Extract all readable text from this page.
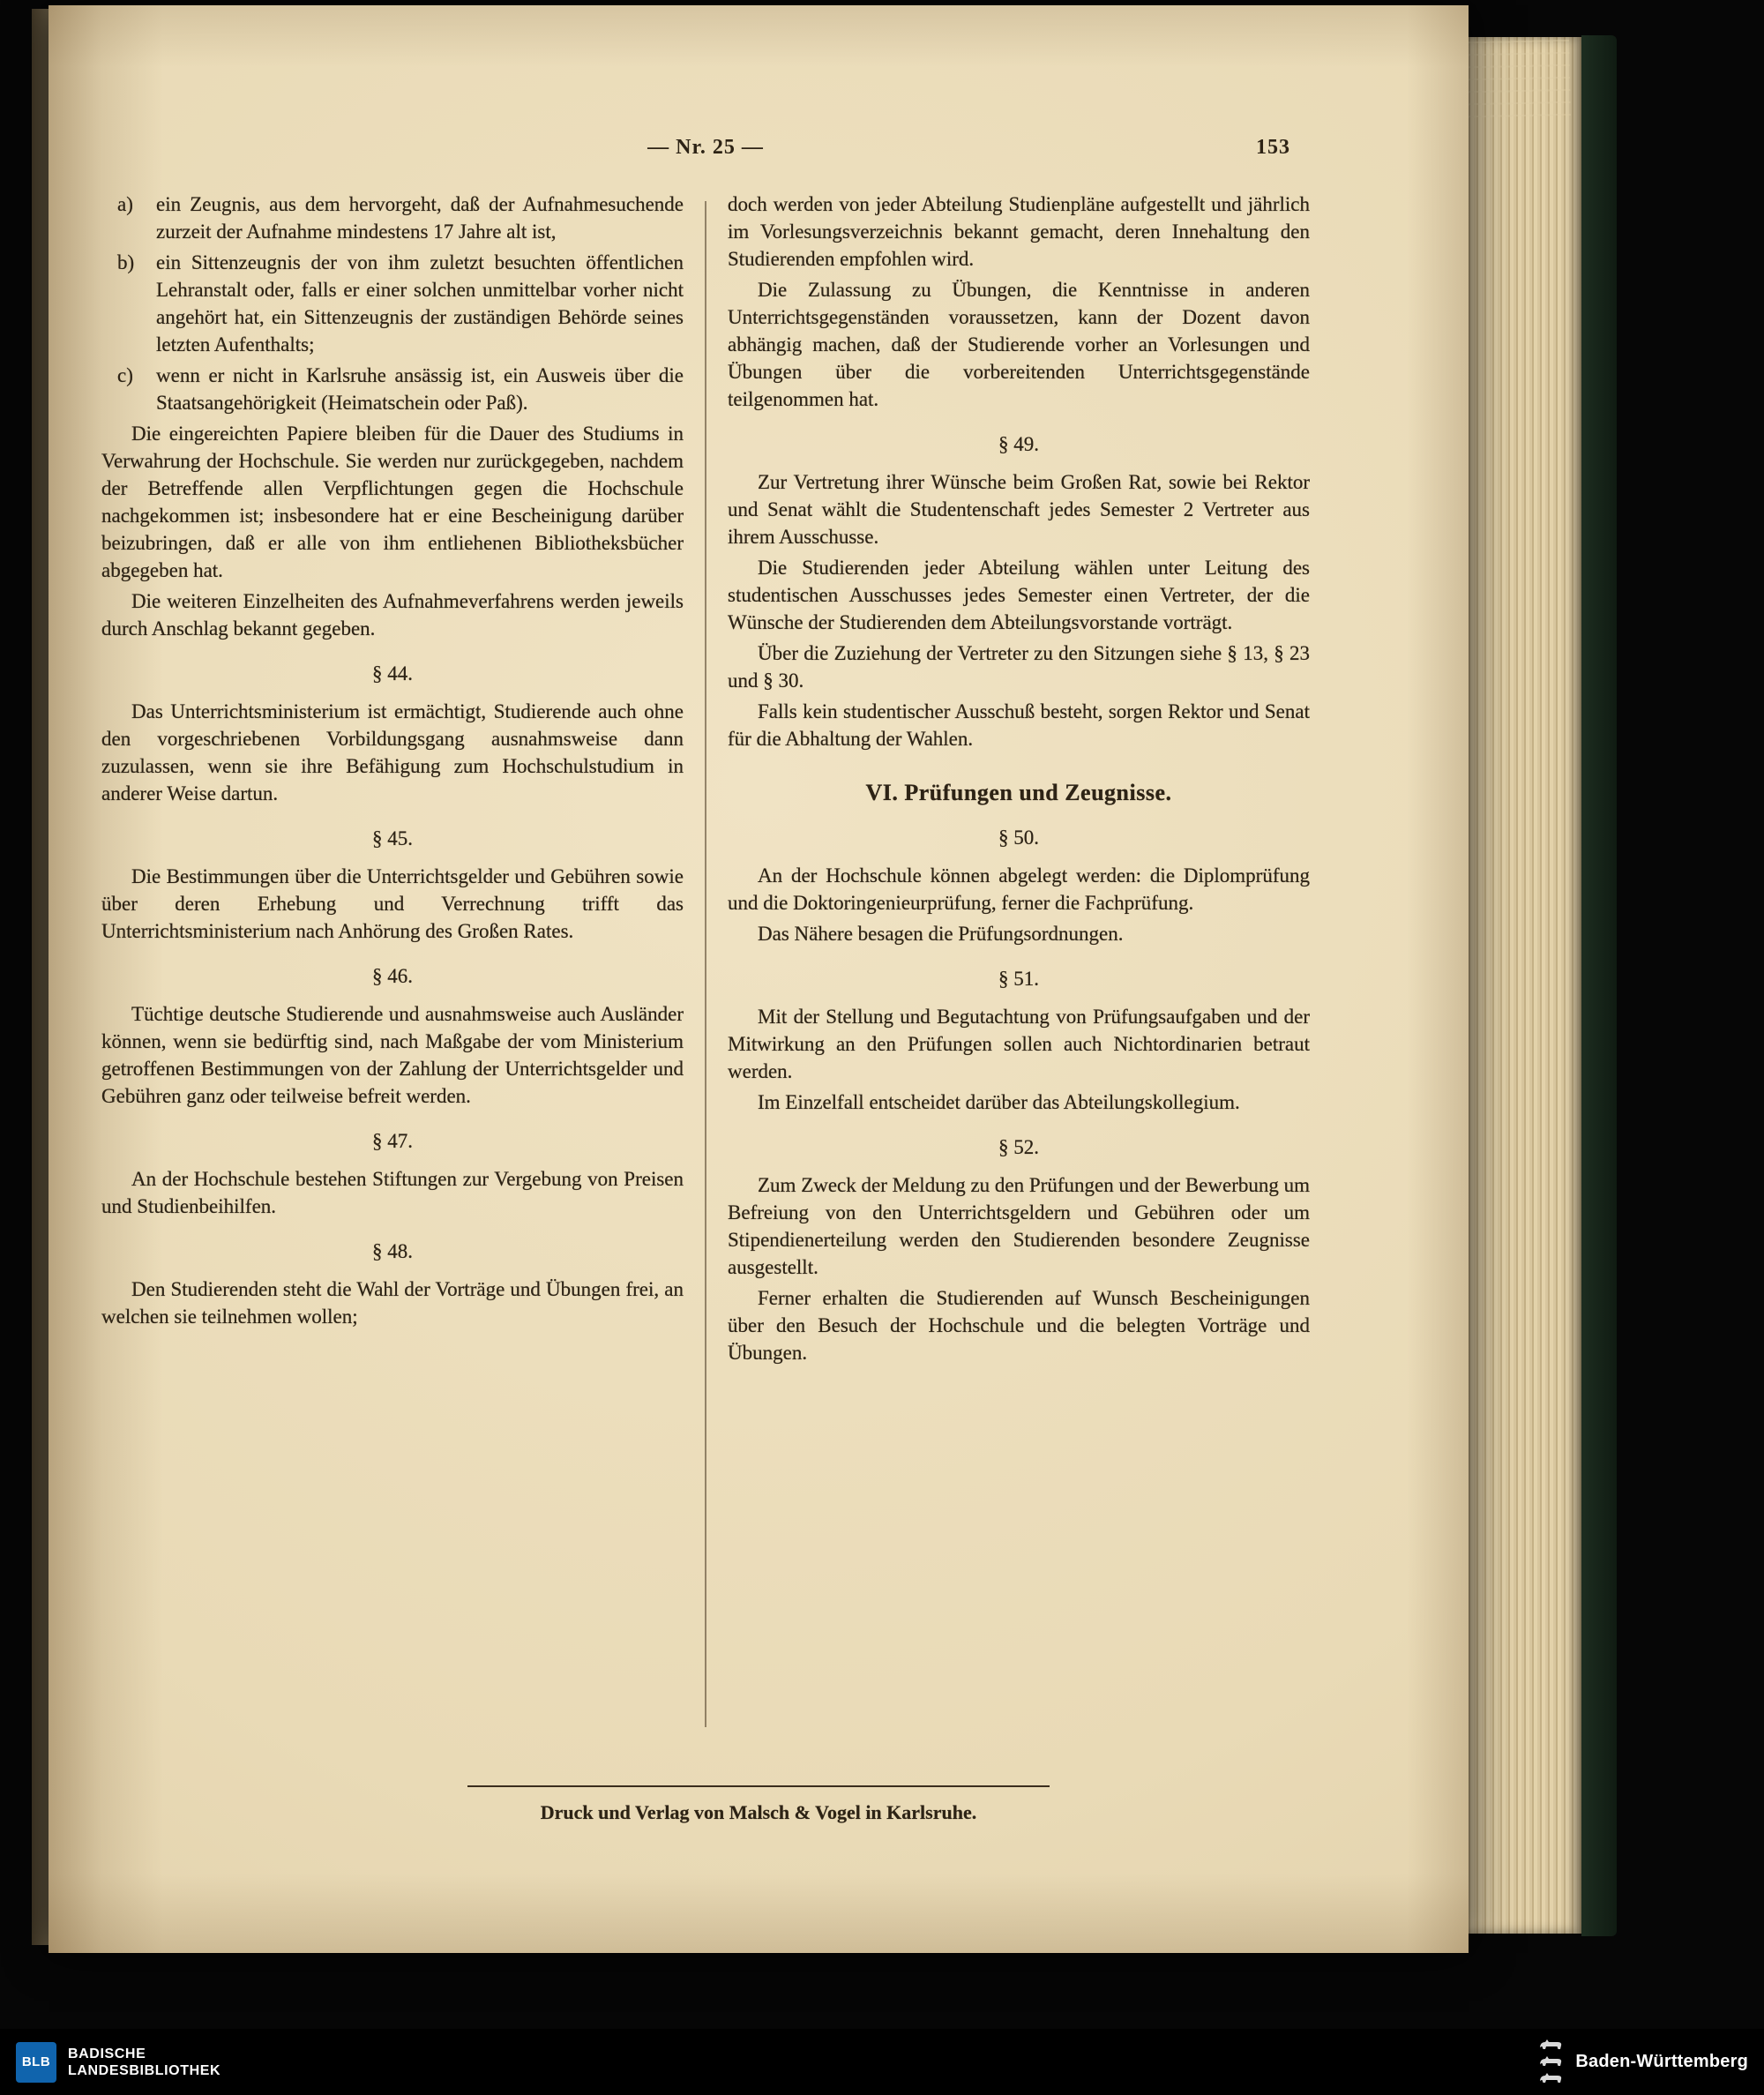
— Nr. 25 —	153
a) ein Zeugnis, aus dem hervorgeht, daß der Aufnahmesuchende zurzeit der Aufnahme mindestens 17 Jahre alt ist,
b) ein Sittenzeugnis der von ihm zuletzt besuchten öffentlichen Lehranstalt oder, falls er einer solchen unmittelbar vorher nicht angehört hat, ein Sittenzeugnis der zuständigen Behörde seines letzten Aufenthalts;
c) wenn er nicht in Karlsruhe ansässig ist, ein Ausweis über die Staatsangehörigkeit (Heimatschein oder Paß).

Die eingereichten Papiere bleiben für die Dauer des Studiums in Verwahrung der Hochschule. Sie werden nur zurückgegeben, nachdem der Betreffende allen Verpflichtungen gegen die Hochschule nachgekommen ist; insbesondere hat er eine Bescheinigung darüber beizubringen, daß er alle von ihm entliehenen Bibliotheksbücher abgegeben hat.

Die weiteren Einzelheiten des Aufnahmeverfahrens werden jeweils durch Anschlag bekannt gegeben.

§ 44.

Das Unterrichtsministerium ist ermächtigt, Studierende auch ohne den vorgeschriebenen Vorbildungsgang ausnahmsweise dann zuzulassen, wenn sie ihre Befähigung zum Hochschulstudium in anderer Weise dartun.

§ 45.

Die Bestimmungen über die Unterrichtsgelder und Gebühren sowie über deren Erhebung und Verrechnung trifft das Unterrichtsministerium nach Anhörung des Großen Rates.

§ 46.

Tüchtige deutsche Studierende und ausnahmsweise auch Ausländer können, wenn sie bedürftig sind, nach Maßgabe der vom Ministerium getroffenen Bestimmungen von der Zahlung der Unterrichtsgelder und Gebühren ganz oder teilweise befreit werden.

§ 47.

An der Hochschule bestehen Stiftungen zur Vergebung von Preisen und Studienbeihilfen.

§ 48.

Den Studierenden steht die Wahl der Vorträge und Übungen frei, an welchen sie teilnehmen wollen;

doch werden von jeder Abteilung Studienpläne aufgestellt und jährlich im Vorlesungsverzeichnis bekannt gemacht, deren Innehaltung den Studierenden empfohlen wird.

Die Zulassung zu Übungen, die Kenntnisse in anderen Unterrichtsgegenständen voraussetzen, kann der Dozent davon abhängig machen, daß der Studierende vorher an Vorlesungen und Übungen über die vorbereitenden Unterrichtsgegenstände teilgenommen hat.

§ 49.

Zur Vertretung ihrer Wünsche beim Großen Rat, sowie bei Rektor und Senat wählt die Studentenschaft jedes Semester 2 Vertreter aus ihrem Ausschusse.

Die Studierenden jeder Abteilung wählen unter Leitung des studentischen Ausschusses jedes Semester einen Vertreter, der die Wünsche der Studierenden dem Abteilungsvorstande vorträgt.

Über die Zuziehung der Vertreter zu den Sitzungen siehe § 13, § 23 und § 30.

Falls kein studentischer Ausschuß besteht, sorgen Rektor und Senat für die Abhaltung der Wahlen.

VI. Prüfungen und Zeugnisse.

§ 50.

An der Hochschule können abgelegt werden: die Diplomprüfung und die Doktoringenieurprüfung, ferner die Fachprüfung.

Das Nähere besagen die Prüfungsordnungen.

§ 51.

Mit der Stellung und Begutachtung von Prüfungsaufgaben und der Mitwirkung an den Prüfungen sollen auch Nichtordinarien betraut werden.

Im Einzelfall entscheidet darüber das Abteilungskollegium.

§ 52.

Zum Zweck der Meldung zu den Prüfungen und der Bewerbung um Befreiung von den Unterrichtsgeldern und Gebühren oder um Stipendienerteilung werden den Studierenden besondere Zeugnisse ausgestellt.

Ferner erhalten die Studierenden auf Wunsch Bescheinigungen über den Besuch der Hochschule und die belegten Vorträge und Übungen.

Druck und Verlag von Malsch & Vogel in Karlsruhe.
BLB
BADISCHE
LANDESBIBLIOTHEK	Baden-Württemberg
